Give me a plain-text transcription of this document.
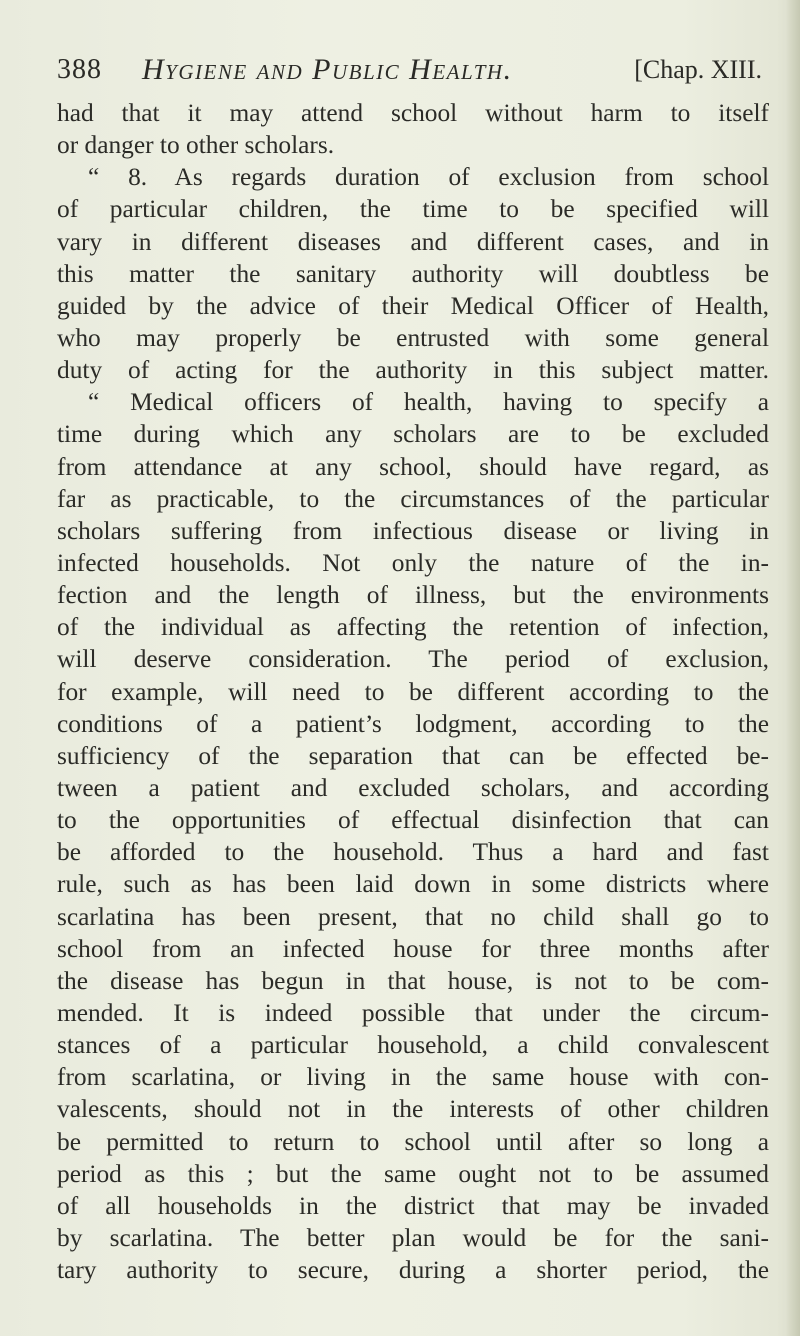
388 Hygiene and Public Health.	[Chap. XIII.
had that it may attend school without harm to itself
or danger to other scholars.
“ 8. As regards duration of exclusion from school
of particular children, the time to be specified will
vary in different diseases and different cases, and in
this matter the sanitary authority will doubtless be
guided by the advice of their Medical Officer of Health,
who may properly be entrusted with some general
duty of acting for the authority in this subject matter.
“ Medical officers of health, having to specify a
time during which any scholars are to be excluded
from attendance at any school, should have regard, as
far as practicable, to the circumstances of the particular
scholars suffering from infectious disease or living in
infected households. Not only the nature of the in-
fection and the length of illness, but the environments
of the individual as affecting the retention of infection,
will deserve consideration. The period of exclusion,
for example, will need to be different according to the
conditions of a patient’s lodgment, according to the
sufficiency of the separation that can be effected be-
tween a patient and excluded scholars, and according
to the opportunities of effectual disinfection that can
be afforded to the household. Thus a hard and fast
rule, such as has been laid down in some districts where
scarlatina has been present, that no child shall go to
school from an infected house for three months after
the disease has begun in that house, is not to be com-
mended. It is indeed possible that under the circum-
stances of a particular household, a child convalescent
from scarlatina, or living in the same house with con-
valescents, should not in the interests of other children
be permitted to return to school until after so long a
period as this ; but the same ought not to be assumed
of all households in the district that may be invaded
by scarlatina. The better plan would be for the sani-
tary authority to secure, during a shorter period, the
